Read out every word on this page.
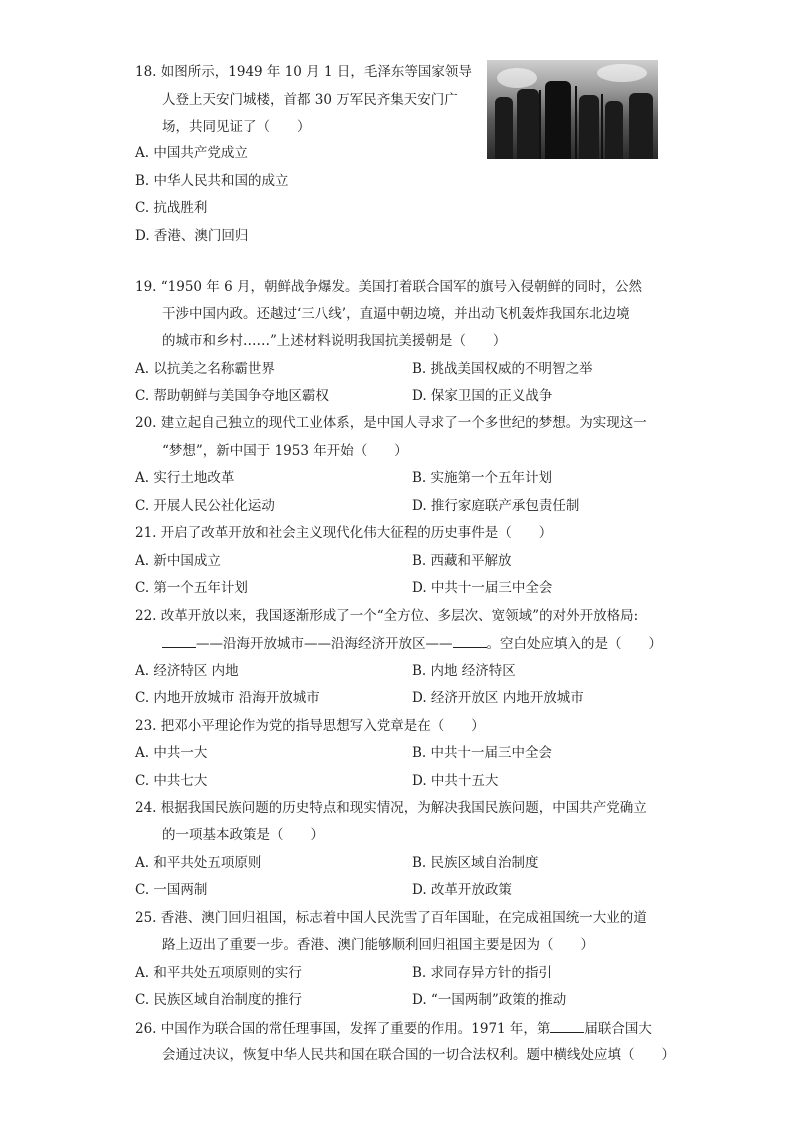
18. 如图所示，1949 年 10 月 1 日，毛泽东等国家领导
人登上天安门城楼，首都 30 万军民齐集天安门广
场，共同见证了（　　）
A. 中国共产党成立
B. 中华人民共和国的成立
C. 抗战胜利
D. 香港、澳门回归
19. “1950 年 6 月，朝鲜战争爆发。美国打着联合国军的旗号入侵朝鲜的同时，公然
干涉中国内政。还越过‘三八线’，直逼中朝边境，并出动飞机轰炸我国东北边境
的城市和乡村……”上述材料说明我国抗美援朝是（　　）
A. 以抗美之名称霸世界	B. 挑战美国权威的不明智之举
C. 帮助朝鲜与美国争夺地区霸权	D. 保家卫国的正义战争
20. 建立起自己独立的现代工业体系，是中国人寻求了一个多世纪的梦想。为实现这一
“梦想”，新中国于 1953 年开始（　　）
A. 实行土地改革	B. 实施第一个五年计划
C. 开展人民公社化运动	D. 推行家庭联产承包责任制
21. 开启了改革开放和社会主义现代化伟大征程的历史事件是（　　）
A. 新中国成立	B. 西藏和平解放
C. 第一个五年计划	D. 中共十一届三中全会
22. 改革开放以来，我国逐渐形成了一个“全方位、多层次、宽领域”的对外开放格局:
——沿海开放城市——沿海经济开放区——	。空白处应填入的是（　　）
A. 经济特区 内地	B. 内地 经济特区
C. 内地开放城市 沿海开放城市	D. 经济开放区 内地开放城市
23. 把邓小平理论作为党的指导思想写入党章是在（　　）
A. 中共一大	B. 中共十一届三中全会
C. 中共七大	D. 中共十五大
24. 根据我国民族问题的历史特点和现实情况，为解决我国民族问题，中国共产党确立
的一项基本政策是（　　）
A. 和平共处五项原则	B. 民族区域自治制度
C. 一国两制	D. 改革开放政策
25. 香港、澳门回归祖国，标志着中国人民洗雪了百年国耻，在完成祖国统一大业的道
路上迈出了重要一步。香港、澳门能够顺利回归祖国主要是因为（　　）
A. 和平共处五项原则的实行	B. 求同存异方针的指引
C. 民族区域自治制度的推行	D. “一国两制”政策的推动
26. 中国作为联合国的常任理事国，发挥了重要的作用。1971 年，第	届联合国大
会通过决议，恢复中华人民共和国在联合国的一切合法权利。题中横线处应填（　　）
